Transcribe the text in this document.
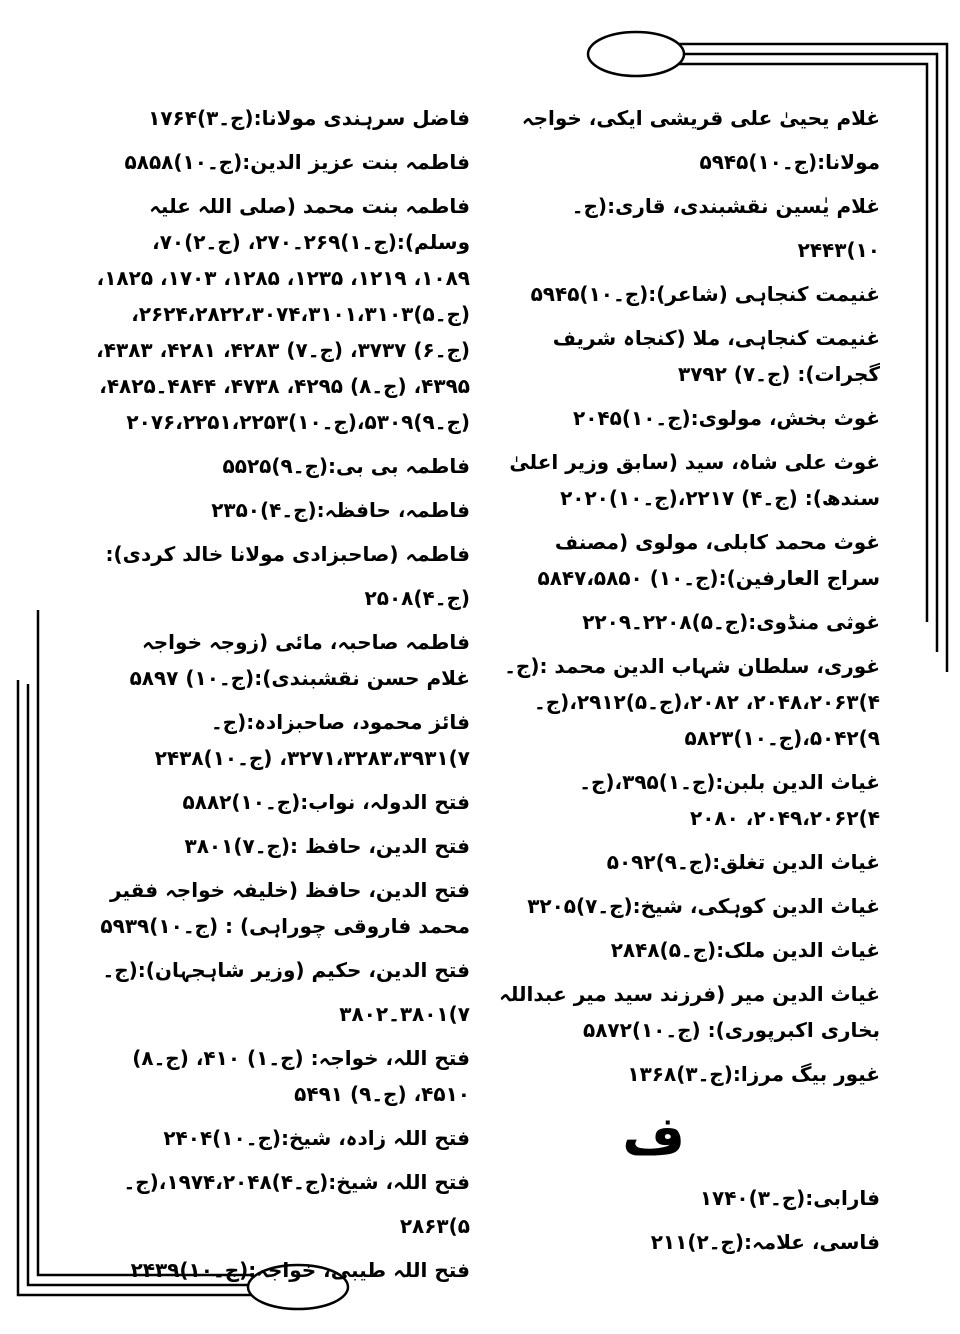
غلام یحییٰ علی قریشی ایکی، خواجہ مولانا:(ج۔۱۰)۵۹۴۵

غلام یٰسین نقشبندی، قاری:(ج۔۱۰)۲۴۴۳

غنیمت کنجاہی (شاعر):(ج۔۱۰)۵۹۴۵

غنیمت کنجاہی، ملا (کنجاہ شریف گجرات): (ج۔۷) ۳۷۹۲

غوث بخش، مولوی:(ج۔۱۰)۲۰۴۵

غوث علی شاہ، سید (سابق وزیر اعلیٰ سندھ): (ج۔۴) ۲۲۱۷،(ج۔۱۰)۲۰۲۰

غوث محمد کابلی، مولوی (مصنف سراج العارفین):(ج۔۱۰) ۵۸۴۷،۵۸۵۰

غوثی منڈوی:(ج۔۵)۲۲۰۸۔۲۲۰۹

غوری، سلطان شہاب الدین محمد :(ج۔۴)۲۰۴۸،۲۰۶۳، ۲۰۸۲،(ج۔۵)۲۹۱۲،(ج۔۹)۵۰۴۲،(ج۔۱۰)۵۸۲۳

غیاث الدین بلبن:(ج۔۱)۳۹۵،(ج۔۴)۲۰۴۹،۲۰۶۲، ۲۰۸۰

غیاث الدین تغلق:(ج۔۹)۵۰۹۲

غیاث الدین کوہکی، شیخ:(ج۔۷)۳۲۰۵

غیاث الدین ملک:(ج۔۵)۲۸۴۸

غیاث الدین میر (فرزند سید میر عبداللہ بخاری اکبرپوری): (ج۔۱۰)۵۸۷۲

غیور بیگ مرزا:(ج۔۳)۱۳۶۸

ف

فارابی:(ج۔۳)۱۷۴۰

فاسی، علامہ:(ج۔۲)۲۱۱

فاضل سرہندی مولانا:(ج۔۳)۱۷۶۴

فاطمہ بنت عزیز الدین:(ج۔۱۰)۵۸۵۸

فاطمہ بنت محمد (صلی اللہ علیہ وسلم):(ج۔۱)۲۶۹۔۲۷۰، (ج۔۲)۷۰، ۱۰۸۹، ۱۲۱۹، ۱۲۳۵، ۱۲۸۵، ۱۷۰۳، ۱۸۲۵،(ج۔۵)۲۶۲۴،۲۸۲۲،۳۰۷۴،۳۱۰۱،۳۱۰۳، (ج۔۶) ۳۷۳۷، (ج۔۷) ۴۲۸۳، ۴۲۸۱، ۴۳۸۳، ۴۳۹۵، (ج۔۸) ۴۲۹۵، ۴۷۳۸، ۴۸۴۴۔۴۸۲۵، (ج۔۹)۵۳۰۹،(ج۔۱۰)۲۰۷۶،۲۲۵۱،۲۲۵۳

فاطمہ بی بی:(ج۔۹)۵۵۲۵

فاطمہ، حافظہ:(ج۔۴)۲۳۵۰

فاطمہ (صاحبزادی مولانا خالد کردی):(ج۔۴)۲۵۰۸

فاطمہ صاحبہ، مائی (زوجہ خواجہ غلام حسن نقشبندی):(ج۔۱۰) ۵۸۹۷

فائز محمود، صاحبزادہ:(ج۔۷)۳۲۷۱،۳۲۸۳،۳۹۳۱، (ج۔۱۰)۲۴۳۸

فتح الدولہ، نواب:(ج۔۱۰)۵۸۸۲

فتح الدین، حافظ :(ج۔۷)۳۸۰۱

فتح الدین، حافظ (خلیفہ خواجہ فقیر محمد فاروقی چوراہی) : (ج۔۱۰)۵۹۳۹

فتح الدین، حکیم (وزیر شاہجہان):(ج۔۷)۳۸۰۱۔۳۸۰۲

فتح اللہ، خواجہ: (ج۔۱) ۴۱۰، (ج۔۸) ۴۵۱۰، (ج۔۹) ۵۴۹۱

فتح اللہ زادہ، شیخ:(ج۔۱۰)۲۴۰۴

فتح اللہ، شیخ:(ج۔۴)۱۹۷۴،۲۰۴۸،(ج۔۵)۲۸۶۳

فتح اللہ طیبی، خواجہ:(ج۔۱۰)۲۴۳۹
